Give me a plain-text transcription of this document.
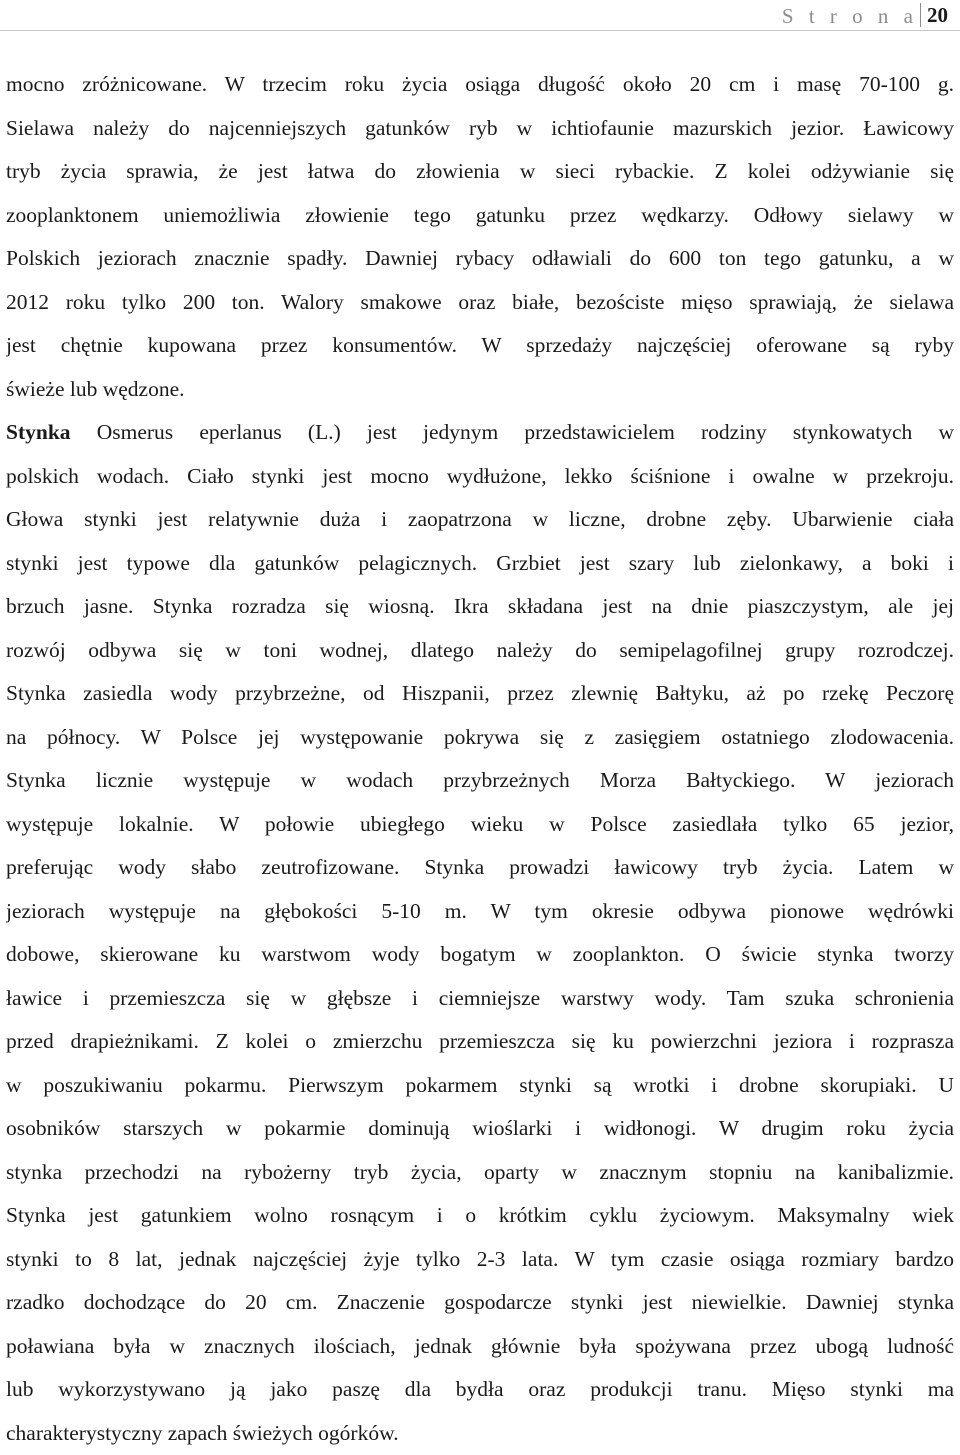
S t r o n a 20
mocno zróżnicowane. W trzecim roku życia osiąga długość około 20 cm i masę 70-100 g.
Sielawa należy do najcenniejszych gatunków ryb w ichtiofaunie mazurskich jezior. Ławicowy
tryb życia sprawia, że jest łatwa do złowienia w sieci rybackie. Z kolei odżywianie się
zooplanktonem uniemożliwia złowienie tego gatunku przez wędkarzy. Odłowy sielawy w
Polskich jeziorach znacznie spadły. Dawniej rybacy odławiali do 600 ton tego gatunku, a w
2012 roku tylko 200 ton. Walory smakowe oraz białe, bezościste mięso sprawiają, że sielawa
jest chętnie kupowana przez konsumentów. W sprzedaży najczęściej oferowane są ryby
świeże lub wędzone.
Stynka Osmerus eperlanus (L.) jest jedynym przedstawicielem rodziny stynkowatych w
polskich wodach. Ciało stynki jest mocno wydłużone, lekko ściśnione i owalne w przekroju.
Głowa stynki jest relatywnie duża i zaopatrzona w liczne, drobne zęby. Ubarwienie ciała
stynki jest typowe dla gatunków pelagicznych. Grzbiet jest szary lub zielonkawy, a boki i
brzuch jasne. Stynka rozradza się wiosną. Ikra składana jest na dnie piaszczystym, ale jej
rozwój odbywa się w toni wodnej, dlatego należy do semipelagofilnej grupy rozrodczej.
Stynka zasiedla wody przybrzeżne, od Hiszpanii, przez zlewnię Bałtyku, aż po rzekę Peczorę
na północy. W Polsce jej występowanie pokrywa się z zasięgiem ostatniego zlodowacenia.
Stynka licznie występuje w wodach przybrzeżnych Morza Bałtyckiego. W jeziorach
występuje lokalnie. W połowie ubiegłego wieku w Polsce zasiedlała tylko 65 jezior,
preferując wody słabo zeutrofizowane. Stynka prowadzi ławicowy tryb życia. Latem w
jeziorach występuje na głębokości 5-10 m. W tym okresie odbywa pionowe wędrówki
dobowe, skierowane ku warstwom wody bogatym w zooplankton. O świcie stynka tworzy
ławice i przemieszcza się w głębsze i ciemniejsze warstwy wody. Tam szuka schronienia
przed drapieżnikami. Z kolei o zmierzchu przemieszcza się ku powierzchni jeziora i rozprasza
w poszukiwaniu pokarmu. Pierwszym pokarmem stynki są wrotki i drobne skorupiaki. U
osobników starszych w pokarmie dominują wioślarki i widłonogi. W drugim roku życia
stynka przechodzi na rybożerny tryb życia, oparty w znacznym stopniu na kanibalizmie.
Stynka jest gatunkiem wolno rosnącym i o krótkim cyklu życiowym. Maksymalny wiek
stynki to 8 lat, jednak najczęściej żyje tylko 2-3 lata. W tym czasie osiąga rozmiary bardzo
rzadko dochodzące do 20 cm. Znaczenie gospodarcze stynki jest niewielkie. Dawniej stynka
poławiana była w znacznych ilościach, jednak głównie była spożywana przez ubogą ludność
lub wykorzystywano ją jako paszę dla bydła oraz produkcji tranu. Mięso stynki ma
charakterystyczny zapach świeżych ogórków.
